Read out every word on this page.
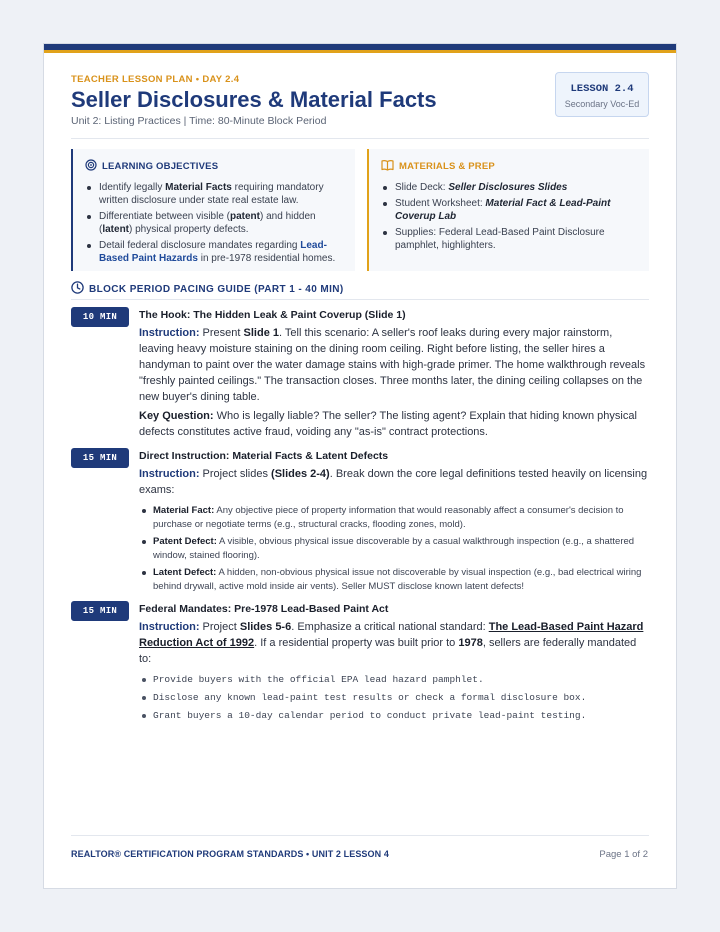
TEACHER LESSON PLAN • DAY 2.4
Seller Disclosures & Material Facts
Unit 2: Listing Practices | Time: 80-Minute Block Period
LESSON 2.4
Secondary Voc-Ed
LEARNING OBJECTIVES
Identify legally Material Facts requiring mandatory written disclosure under state real estate law.
Differentiate between visible (patent) and hidden (latent) physical property defects.
Detail federal disclosure mandates regarding Lead-Based Paint Hazards in pre-1978 residential homes.
MATERIALS & PREP
Slide Deck: Seller Disclosures Slides
Student Worksheet: Material Fact & Lead-Paint Coverup Lab
Supplies: Federal Lead-Based Paint Disclosure pamphlet, highlighters.
BLOCK PERIOD PACING GUIDE (PART 1 - 40 MIN)
10 MIN	The Hook: The Hidden Leak & Paint Coverup (Slide 1)

Instruction: Present Slide 1. Tell this scenario: A seller's roof leaks during every major rainstorm, leaving heavy moisture staining on the dining room ceiling. Right before listing, the seller hires a handyman to paint over the water damage stains with high-grade primer. The home walkthrough reveals "freshly painted ceilings." The transaction closes. Three months later, the dining ceiling collapses on the new buyer's dining table.

Key Question: Who is legally liable? The seller? The listing agent? Explain that hiding known physical defects constitutes active fraud, voiding any "as-is" contract protections.

15 MIN	Direct Instruction: Material Facts & Latent Defects

Instruction: Project slides (Slides 2-4). Break down the core legal definitions tested heavily on licensing exams:

Material Fact: Any objective piece of property information that would reasonably affect a consumer's decision to purchase or negotiate terms (e.g., structural cracks, flooding zones, mold).
Patent Defect: A visible, obvious physical issue discoverable by a casual walkthrough inspection (e.g., a shattered window, stained flooring).
Latent Defect: A hidden, non-obvious physical issue not discoverable by visual inspection (e.g., bad electrical wiring behind drywall, active mold inside air vents). Seller MUST disclose known latent defects!
15 MIN	Federal Mandates: Pre-1978 Lead-Based Paint Act

Instruction: Project Slides 5-6. Emphasize a critical national standard: The Lead-Based Paint Hazard Reduction Act of 1992. If a residential property was built prior to 1978, sellers are federally mandated to:

Provide buyers with the official EPA lead hazard pamphlet.
Disclose any known lead-paint test results or check a formal disclosure box.
Grant buyers a 10-day calendar period to conduct private lead-paint testing.
REALTOR® CERTIFICATION PROGRAM STANDARDS • UNIT 2 LESSON 4	Page 1 of 2
